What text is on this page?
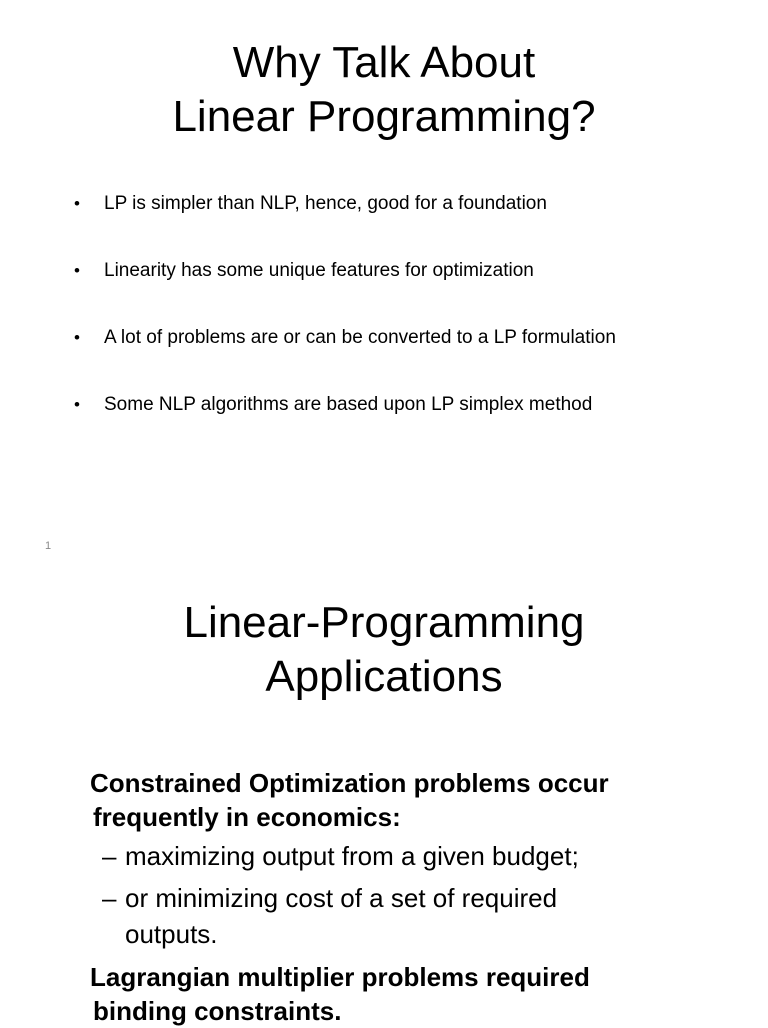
Why Talk About
Linear Programming?
• LP is simpler than NLP, hence, good for a foundation
• Linearity has some unique features for optimization
• A lot of problems are or can be converted to a LP formulation
• Some NLP algorithms are based upon LP simplex method
1
Linear-Programming
Applications

Constrained Optimization problems occur
frequently in economics:

– maximizing output from a given budget;
– or minimizing cost of a set of required outputs.

Lagrangian multiplier problems required
binding constraints.
